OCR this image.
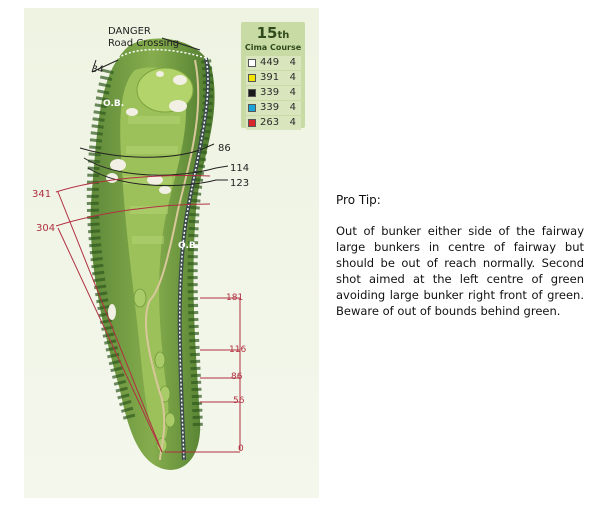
DANGER
Road Crossing
O.B.
O.B.
34
86
114
123
341
304
181
116
86
56
0
15th
Cima Course
449 4
391 4
339 4
339 4
263 4
Pro Tip:

Out of bunker either side of the fairway large bunkers in centre of fairway but should be out of reach normally. Second shot aimed at the left centre of green avoiding large bunker right front of green. Beware of out of bounds behind green.
